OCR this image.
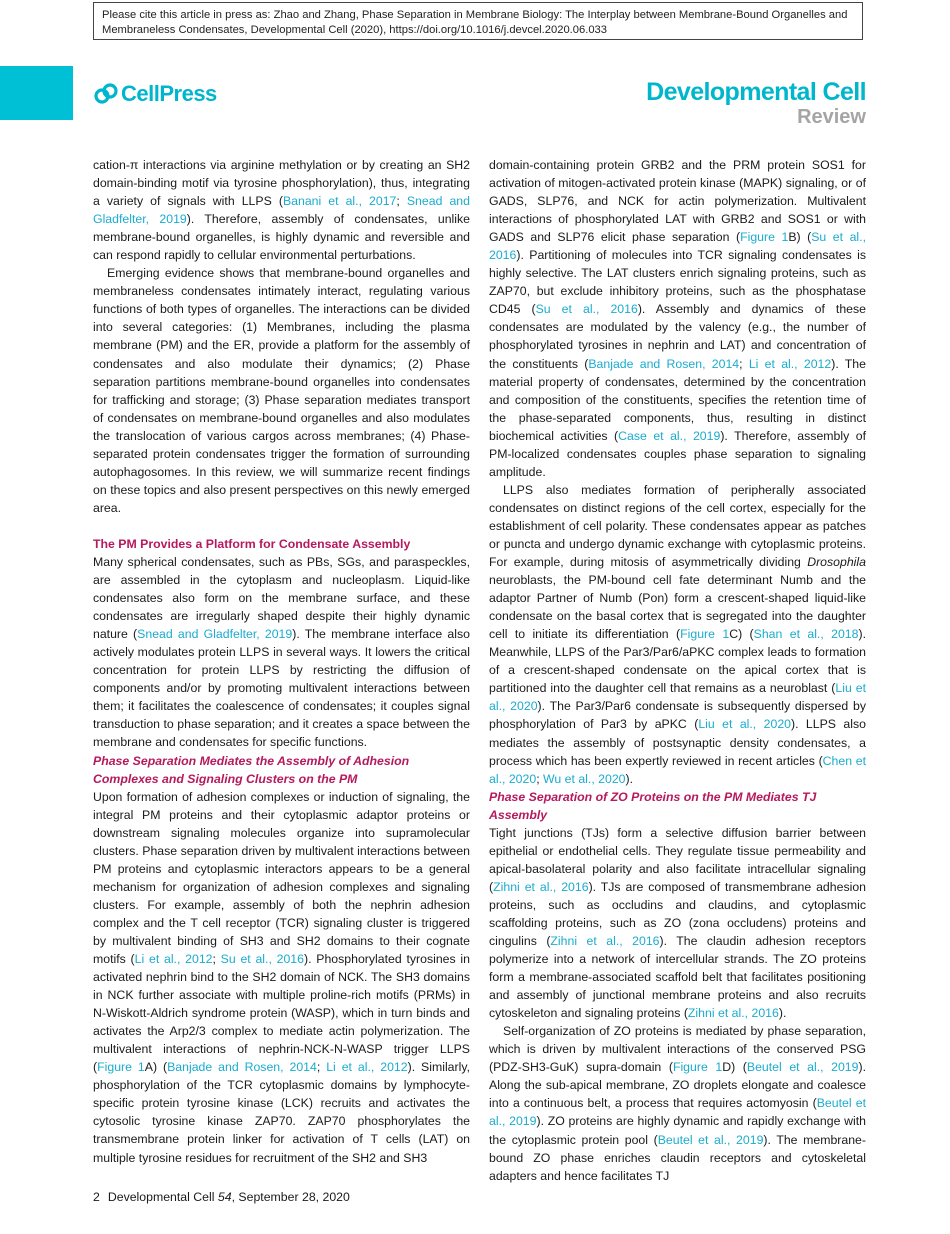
Please cite this article in press as: Zhao and Zhang, Phase Separation in Membrane Biology: The Interplay between Membrane-Bound Organelles and Membraneless Condensates, Developmental Cell (2020), https://doi.org/10.1016/j.devcel.2020.06.033
CellPress	Developmental Cell
Review

cation-π interactions via arginine methylation or by creating an SH2 domain-binding motif via tyrosine phosphorylation), thus, integrating a variety of signals with LLPS (Banani et al., 2017; Snead and Gladfelter, 2019). Therefore, assembly of condensates, unlike membrane-bound organelles, is highly dynamic and reversible and can respond rapidly to cellular environmental perturbations.

Emerging evidence shows that membrane-bound organelles and membraneless condensates intimately interact, regulating various functions of both types of organelles. The interactions can be divided into several categories: (1) Membranes, including the plasma membrane (PM) and the ER, provide a platform for the assembly of condensates and also modulate their dynamics; (2) Phase separation partitions membrane-bound organelles into condensates for trafficking and storage; (3) Phase separation mediates transport of condensates on membrane-bound organelles and also modulates the translocation of various cargos across membranes; (4) Phase-separated protein condensates trigger the formation of surrounding autophagosomes. In this review, we will summarize recent findings on these topics and also present perspectives on this newly emerged area.

The PM Provides a Platform for Condensate Assembly

Many spherical condensates, such as PBs, SGs, and paraspeckles, are assembled in the cytoplasm and nucleoplasm. Liquid-like condensates also form on the membrane surface, and these condensates are irregularly shaped despite their highly dynamic nature (Snead and Gladfelter, 2019). The membrane interface also actively modulates protein LLPS in several ways. It lowers the critical concentration for protein LLPS by restricting the diffusion of components and/or by promoting multivalent interactions between them; it facilitates the coalescence of condensates; it couples signal transduction to phase separation; and it creates a space between the membrane and condensates for specific functions.

Phase Separation Mediates the Assembly of Adhesion Complexes and Signaling Clusters on the PM

Upon formation of adhesion complexes or induction of signaling, the integral PM proteins and their cytoplasmic adaptor proteins or downstream signaling molecules organize into supramolecular clusters. Phase separation driven by multivalent interactions between PM proteins and cytoplasmic interactors appears to be a general mechanism for organization of adhesion complexes and signaling clusters. For example, assembly of both the nephrin adhesion complex and the T cell receptor (TCR) signaling cluster is triggered by multivalent binding of SH3 and SH2 domains to their cognate motifs (Li et al., 2012; Su et al., 2016). Phosphorylated tyrosines in activated nephrin bind to the SH2 domain of NCK. The SH3 domains in NCK further associate with multiple proline-rich motifs (PRMs) in N-Wiskott-Aldrich syndrome protein (WASP), which in turn binds and activates the Arp2/3 complex to mediate actin polymerization. The multivalent interactions of nephrin-NCK-N-WASP trigger LLPS (Figure 1A) (Banjade and Rosen, 2014; Li et al., 2012). Similarly, phosphorylation of the TCR cytoplasmic domains by lymphocyte-specific protein tyrosine kinase (LCK) recruits and activates the cytosolic tyrosine kinase ZAP70. ZAP70 phosphorylates the transmembrane protein linker for activation of T cells (LAT) on multiple tyrosine residues for recruitment of the SH2 and SH3

domain-containing protein GRB2 and the PRM protein SOS1 for activation of mitogen-activated protein kinase (MAPK) signaling, or of GADS, SLP76, and NCK for actin polymerization. Multivalent interactions of phosphorylated LAT with GRB2 and SOS1 or with GADS and SLP76 elicit phase separation (Figure 1B) (Su et al., 2016). Partitioning of molecules into TCR signaling condensates is highly selective. The LAT clusters enrich signaling proteins, such as ZAP70, but exclude inhibitory proteins, such as the phosphatase CD45 (Su et al., 2016). Assembly and dynamics of these condensates are modulated by the valency (e.g., the number of phosphorylated tyrosines in nephrin and LAT) and concentration of the constituents (Banjade and Rosen, 2014; Li et al., 2012). The material property of condensates, determined by the concentration and composition of the constituents, specifies the retention time of the phase-separated components, thus, resulting in distinct biochemical activities (Case et al., 2019). Therefore, assembly of PM-localized condensates couples phase separation to signaling amplitude.

LLPS also mediates formation of peripherally associated condensates on distinct regions of the cell cortex, especially for the establishment of cell polarity. These condensates appear as patches or puncta and undergo dynamic exchange with cytoplasmic proteins. For example, during mitosis of asymmetrically dividing Drosophila neuroblasts, the PM-bound cell fate determinant Numb and the adaptor Partner of Numb (Pon) form a crescent-shaped liquid-like condensate on the basal cortex that is segregated into the daughter cell to initiate its differentiation (Figure 1C) (Shan et al., 2018). Meanwhile, LLPS of the Par3/Par6/aPKC complex leads to formation of a crescent-shaped condensate on the apical cortex that is partitioned into the daughter cell that remains as a neuroblast (Liu et al., 2020). The Par3/Par6 condensate is subsequently dispersed by phosphorylation of Par3 by aPKC (Liu et al., 2020). LLPS also mediates the assembly of postsynaptic density condensates, a process which has been expertly reviewed in recent articles (Chen et al., 2020; Wu et al., 2020).

Phase Separation of ZO Proteins on the PM Mediates TJ Assembly

Tight junctions (TJs) form a selective diffusion barrier between epithelial or endothelial cells. They regulate tissue permeability and apical-basolateral polarity and also facilitate intracellular signaling (Zihni et al., 2016). TJs are composed of transmembrane adhesion proteins, such as occludins and claudins, and cytoplasmic scaffolding proteins, such as ZO (zona occludens) proteins and cingulins (Zihni et al., 2016). The claudin adhesion receptors polymerize into a network of intercellular strands. The ZO proteins form a membrane-associated scaffold belt that facilitates positioning and assembly of junctional membrane proteins and also recruits cytoskeleton and signaling proteins (Zihni et al., 2016).

Self-organization of ZO proteins is mediated by phase separation, which is driven by multivalent interactions of the conserved PSG (PDZ-SH3-GuK) supra-domain (Figure 1D) (Beutel et al., 2019). Along the sub-apical membrane, ZO droplets elongate and coalesce into a continuous belt, a process that requires actomyosin (Beutel et al., 2019). ZO proteins are highly dynamic and rapidly exchange with the cytoplasmic protein pool (Beutel et al., 2019). The membrane-bound ZO phase enriches claudin receptors and cytoskeletal adapters and hence facilitates TJ

2 Developmental Cell 54, September 28, 2020
